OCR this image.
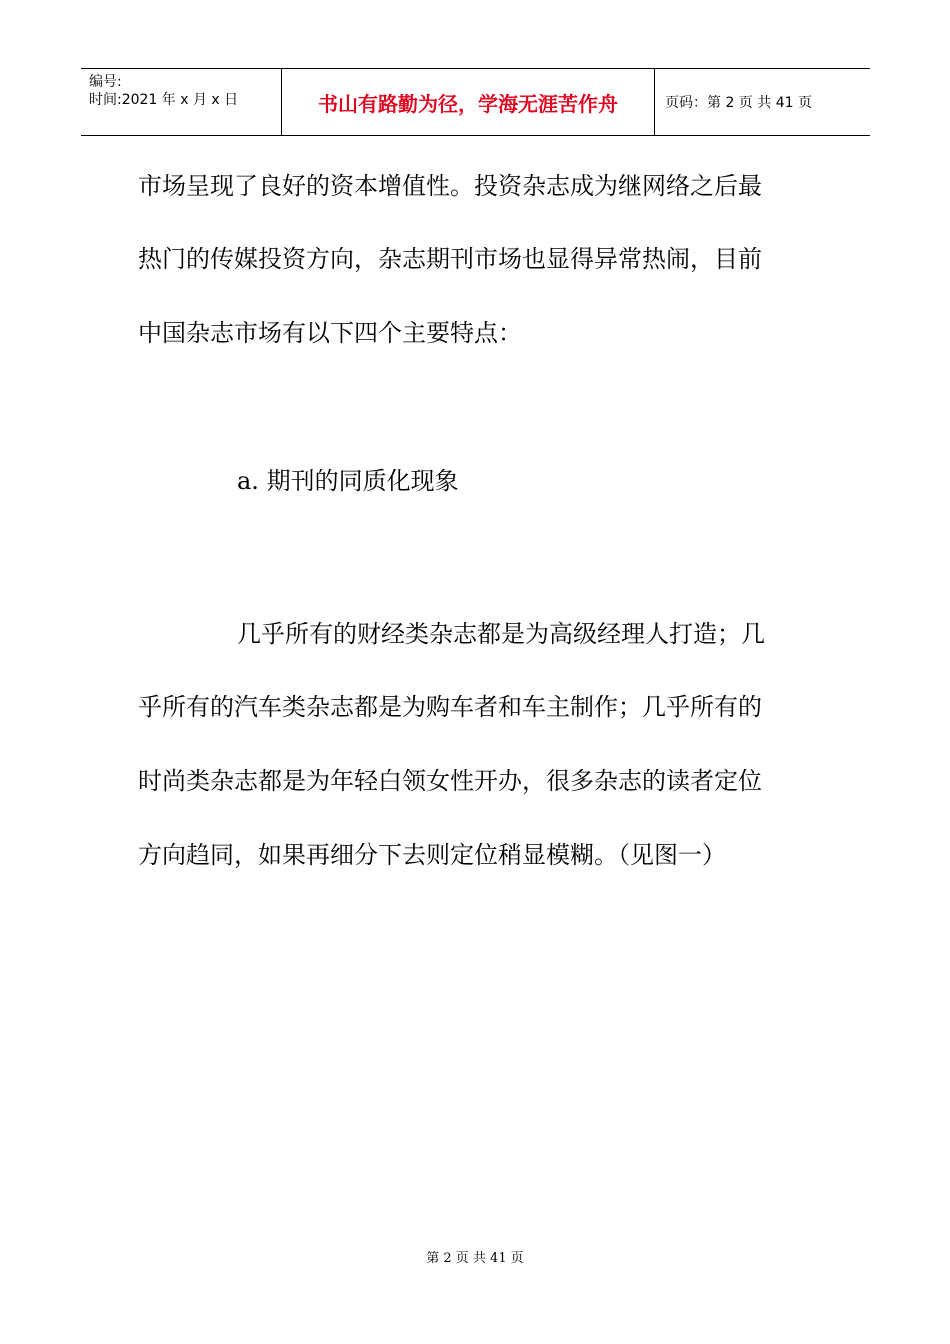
编号:
时间:2021 年 x 月 x 日	书山有路勤为径，学海无涯苦作舟	页码：第 2 页 共 41 页
市场呈现了良好的资本增值性。投资杂志成为继网络之后最
热门的传媒投资方向，杂志期刊市场也显得异常热闹，目前
中国杂志市场有以下四个主要特点：
a. 期刊的同质化现象
几乎所有的财经类杂志都是为高级经理人打造；几
乎所有的汽车类杂志都是为购车者和车主制作；几乎所有的
时尚类杂志都是为年轻白领女性开办，很多杂志的读者定位
方向趋同，如果再细分下去则定位稍显模糊。（见图一）
第 2 页 共 41 页
